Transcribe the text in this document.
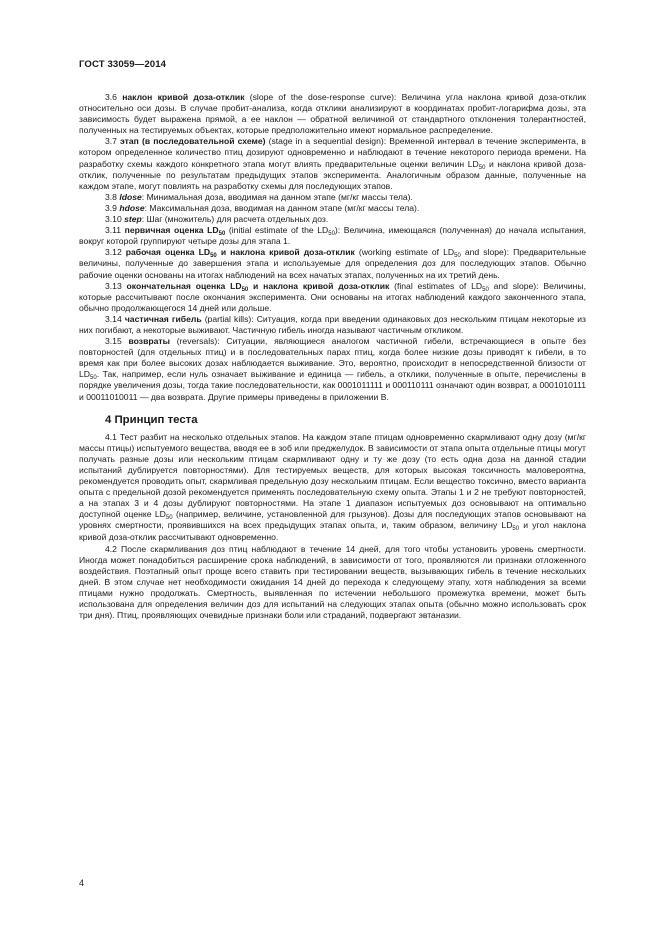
ГОСТ 33059—2014

3.6 наклон кривой доза-отклик (slope of the dose-response curve): Величина угла наклона кривой доза-отклик относительно оси дозы. В случае пробит-анализа, когда отклики анализируют в координатах пробит-логарифма дозы, эта зависимость будет выражена прямой, а ее наклон — обратной величиной от стандартного отклонения толерантностей, полученных на тестируемых объектах, которые предположительно имеют нормальное распределение.

3.7 этап (в последовательной схеме) (stage in a sequential design): Временной интервал в течение эксперимента, в котором определенное количество птиц дозируют одновременно и наблюдают в течение некоторого периода времени. На разработку схемы каждого конкретного этапа могут влиять предварительные оценки величин $LD_{50}$ и наклона кривой доза-отклик, полученные по результатам предыдущих этапов эксперимента. Аналогичным образом данные, полученные на каждом этапе, могут повлиять на разработку схемы для последующих этапов.

3.8 ldose: Минимальная доза, вводимая на данном этапе (мг/кг массы тела).

3.9 hdose: Максимальная доза, вводимая на данном этапе (мг/кг массы тела).

3.10 step: Шаг (множитель) для расчета отдельных доз.

3.11 первичная оценка $LD_{50}$ (initial estimate of the $LD_{50}$): Величина, имеющаяся (полученная) до начала испытания, вокруг которой группируют четыре дозы для этапа 1.

3.12 рабочая оценка $LD_{50}$ и наклона кривой доза-отклик (working estimate of $LD_{50}$ and slope): Предварительные величины, полученные до завершения этапа и используемые для определения доз для последующих этапов. Обычно рабочие оценки основаны на итогах наблюдений на всех начатых этапах, полученных на их третий день.

3.13 окончательная оценка $LD_{50}$ и наклона кривой доза-отклик (final estimates of $LD_{50}$ and slope): Величины, которые рассчитывают после окончания эксперимента. Они основаны на итогах наблюдений каждого законченного этапа, обычно продолжающегося 14 дней или дольше.

3.14 частичная гибель (partial kills): Ситуация, когда при введении одинаковых доз нескольким птицам некоторые из них погибают, а некоторые выживают. Частичную гибель иногда называют частичным откликом.

3.15 возвраты (reversals): Ситуации, являющиеся аналогом частичной гибели, встречающиеся в опыте без повторностей (для отдельных птиц) и в последовательных парах птиц, когда более низкие дозы приводят к гибели, в то время как при более высоких дозах наблюдается выживание. Это, вероятно, происходит в непосредственной близости от $LD_{50}$. Так, например, если нуль означает выживание и единица — гибель, а отклики, полученные в опыте, перечислены в порядке увеличения дозы, тогда такие последовательности, как 0001011111 и 000110111 означают один возврат, а 0001010111 и 00011010011 — два возврата. Другие примеры приведены в приложении В.

4 Принцип теста

4.1 Тест разбит на несколько отдельных этапов. На каждом этапе птицам одновременно скармливают одну дозу (мг/кг массы птицы) испытуемого вещества, вводя ее в зоб или преджелудок. В зависимости от этапа опыта отдельные птицы могут получать разные дозы или нескольким птицам скармливают одну и ту же дозу (то есть одна доза на данной стадии испытаний дублируется повторностями). Для тестируемых веществ, для которых высокая токсичность маловероятна, рекомендуется проводить опыт, скармливая предельную дозу нескольким птицам. Если вещество токсично, вместо варианта опыта с предельной дозой рекомендуется применять последовательную схему опыта. Этапы 1 и 2 не требуют повторностей, а на этапах 3 и 4 дозы дублируют повторностями. На этапе 1 диапазон испытуемых доз основывают на оптимально доступной оценке $LD_{50}$ (например, величине, установленной для грызунов). Дозы для последующих этапов основывают на уровнях смертности, проявившихся на всех предыдущих этапах опыта, и, таким образом, величину $LD_{50}$ и угол наклона кривой доза-отклик рассчитывают одновременно.

4.2 После скармливания доз птиц наблюдают в течение 14 дней, для того чтобы установить уровень смертности. Иногда может понадобиться расширение срока наблюдений, в зависимости от того, проявляются ли признаки отложенного воздействия. Поэтапный опыт проще всего ставить при тестировании веществ, вызывающих гибель в течение нескольких дней. В этом случае нет необходимости ожидания 14 дней до перехода к следующему этапу, хотя наблюдения за всеми птицами нужно продолжать. Смертность, выявленная по истечении небольшого промежутка времени, может быть использована для определения величин доз для испытаний на следующих этапах опыта (обычно можно использовать срок три дня). Птиц, проявляющих очевидные признаки боли или страданий, подвергают эвтаназии.

4
